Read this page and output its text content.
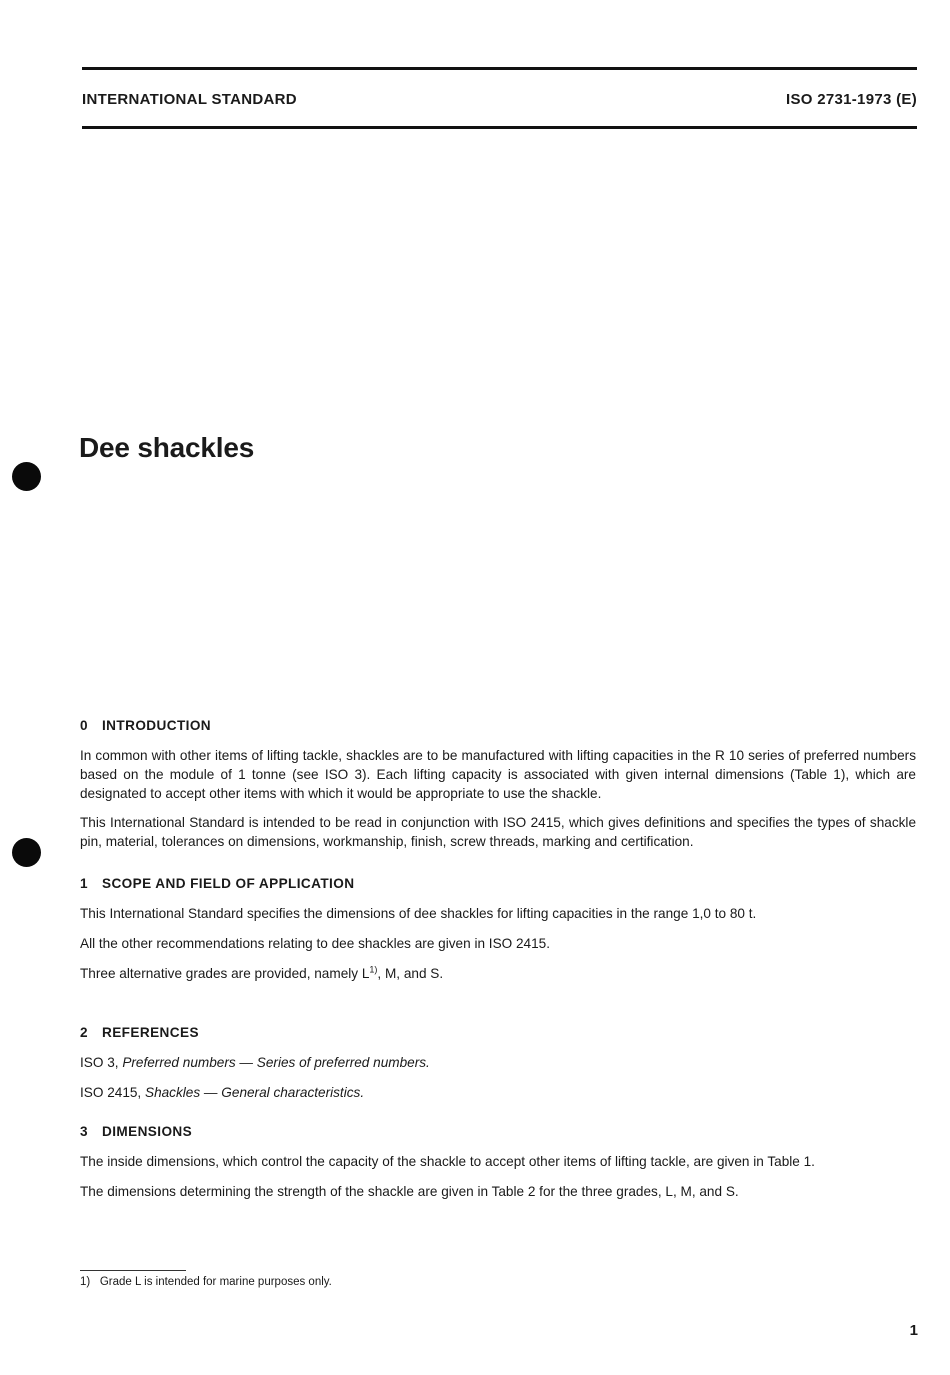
INTERNATIONAL STANDARD	ISO 2731-1973 (E)
Dee shackles
0 INTRODUCTION

In common with other items of lifting tackle, shackles are to be manufactured with lifting capacities in the R 10 series of preferred numbers based on the module of 1 tonne (see ISO 3). Each lifting capacity is associated with given internal dimensions (Table 1), which are designated to accept other items with which it would be appropriate to use the shackle.

This International Standard is intended to be read in conjunction with ISO 2415, which gives definitions and specifies the types of shackle pin, material, tolerances on dimensions, workmanship, finish, screw threads, marking and certification.

1 SCOPE AND FIELD OF APPLICATION

This International Standard specifies the dimensions of dee shackles for lifting capacities in the range 1,0 to 80 t.

All the other recommendations relating to dee shackles are given in ISO 2415.

Three alternative grades are provided, namely $L^{1)}$, M, and S.

2 REFERENCES

ISO 3, Preferred numbers — Series of preferred numbers.

ISO 2415, Shackles — General characteristics.

3 DIMENSIONS

The inside dimensions, which control the capacity of the shackle to accept other items of lifting tackle, are given in Table 1.

The dimensions determining the strength of the shackle are given in Table 2 for the three grades, L, M, and S.

1) Grade L is intended for marine purposes only.
1
